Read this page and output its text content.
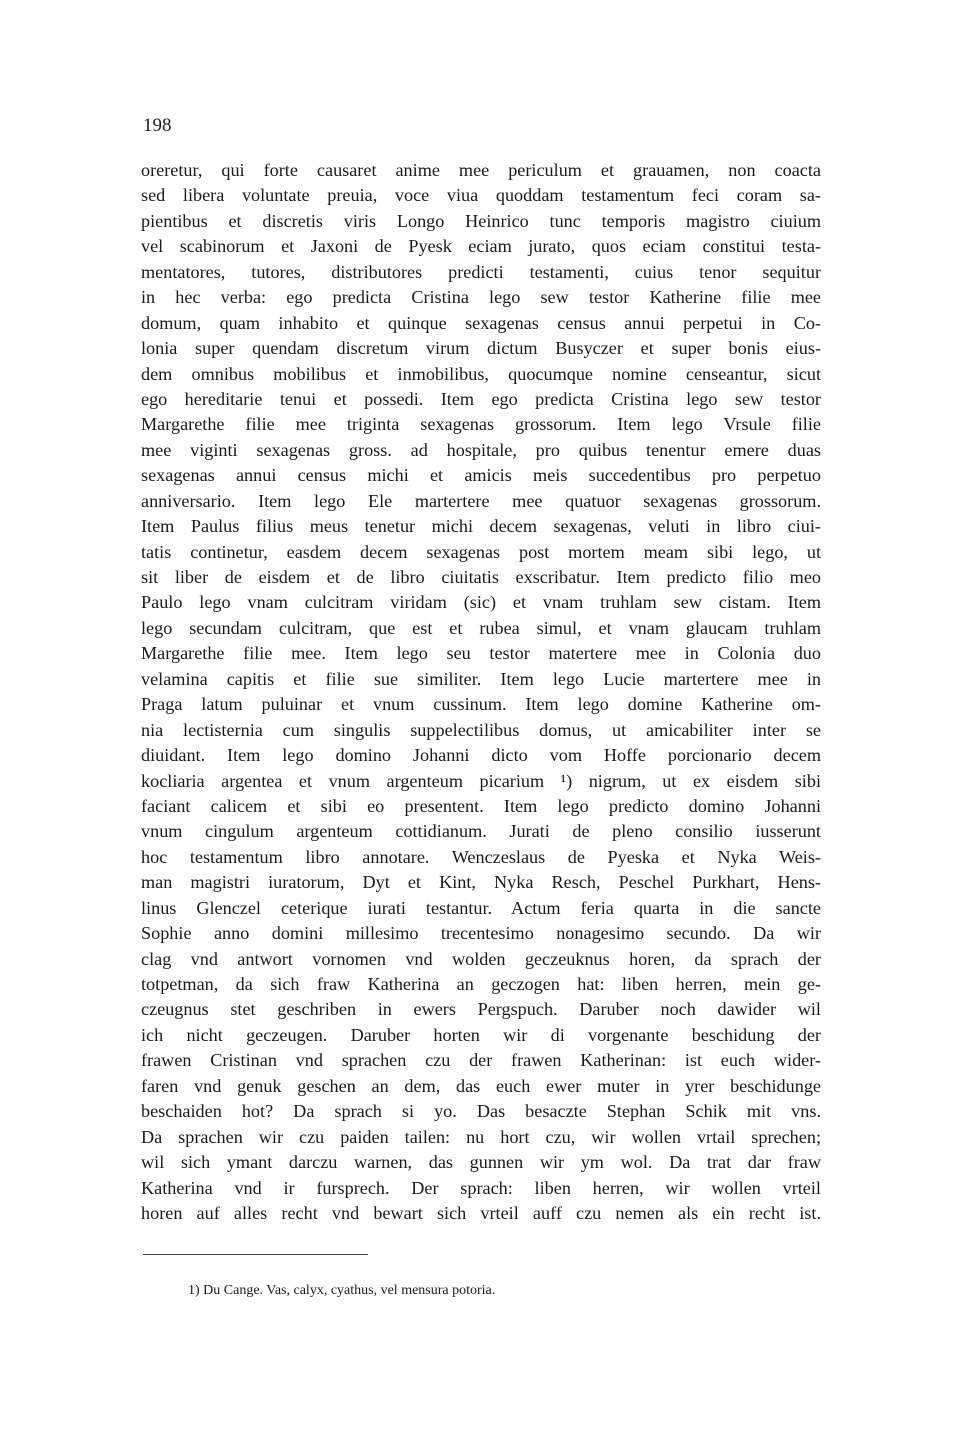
198
oreretur, qui forte causaret anime mee periculum et grauamen, non coacta
sed libera voluntate preuia, voce viua quoddam testamentum feci coram sa-
pientibus et discretis viris Longo Heinrico tunc temporis magistro ciuium
vel scabinorum et Jaxoni de Pyesk eciam jurato, quos eciam constitui testa-
mentatores, tutores, distributores predicti testamenti, cuius tenor sequitur
in hec verba: ego predicta Cristina lego sew testor Katherine filie mee
domum, quam inhabito et quinque sexagenas census annui perpetui in Co-
lonia super quendam discretum virum dictum Busyczer et super bonis eius-
dem omnibus mobilibus et inmobilibus, quocumque nomine censeantur, sicut
ego hereditarie tenui et possedi. Item ego predicta Cristina lego sew testor
Margarethe filie mee triginta sexagenas grossorum. Item lego Vrsule filie
mee viginti sexagenas gross. ad hospitale, pro quibus tenentur emere duas
sexagenas annui census michi et amicis meis succedentibus pro perpetuo
anniversario. Item lego Ele martertere mee quatuor sexagenas grossorum.
Item Paulus filius meus tenetur michi decem sexagenas, veluti in libro ciui-
tatis continetur, easdem decem sexagenas post mortem meam sibi lego, ut
sit liber de eisdem et de libro ciuitatis exscribatur. Item predicto filio meo
Paulo lego vnam culcitram viridam (sic) et vnam truhlam sew cistam. Item
lego secundam culcitram, que est et rubea simul, et vnam glaucam truhlam
Margarethe filie mee. Item lego seu testor matertere mee in Colonia duo
velamina capitis et filie sue similiter. Item lego Lucie martertere mee in
Praga latum puluinar et vnum cussinum. Item lego domine Katherine om-
nia lectisternia cum singulis suppelectilibus domus, ut amicabiliter inter se
diuidant. Item lego domino Johanni dicto vom Hoffe porcionario decem
kocliaria argentea et vnum argenteum picarium ¹) nigrum, ut ex eisdem sibi
faciant calicem et sibi eo presentent. Item lego predicto domino Johanni
vnum cingulum argenteum cottidianum. Jurati de pleno consilio iusserunt
hoc testamentum libro annotare. Wenczeslaus de Pyeska et Nyka Weis-
man magistri iuratorum, Dyt et Kint, Nyka Resch, Peschel Purkhart, Hens-
linus Glenczel ceterique iurati testantur. Actum feria quarta in die sancte
Sophie anno domini millesimo trecentesimo nonagesimo secundo. Da wir
clag vnd antwort vornomen vnd wolden geczeuknus horen, da sprach der
totpetman, da sich fraw Katherina an geczogen hat: liben herren, mein ge-
czeugnus stet geschriben in ewers Pergspuch. Daruber noch dawider wil
ich nicht geczeugen. Daruber horten wir di vorgenante beschidung der
frawen Cristinan vnd sprachen czu der frawen Katherinan: ist euch wider-
faren vnd genuk geschen an dem, das euch ewer muter in yrer beschidunge
beschaiden hot? Da sprach si yo. Das besaczte Stephan Schik mit vns.
Da sprachen wir czu paiden tailen: nu hort czu, wir wollen vrtail sprechen;
wil sich ymant darczu warnen, das gunnen wir ym wol. Da trat dar fraw
Katherina vnd ir fursprech. Der sprach: liben herren, wir wollen vrteil
horen auf alles recht vnd bewart sich vrteil auff czu nemen als ein recht ist.
1) Du Cange. Vas, calyx, cyathus, vel mensura potoria.
